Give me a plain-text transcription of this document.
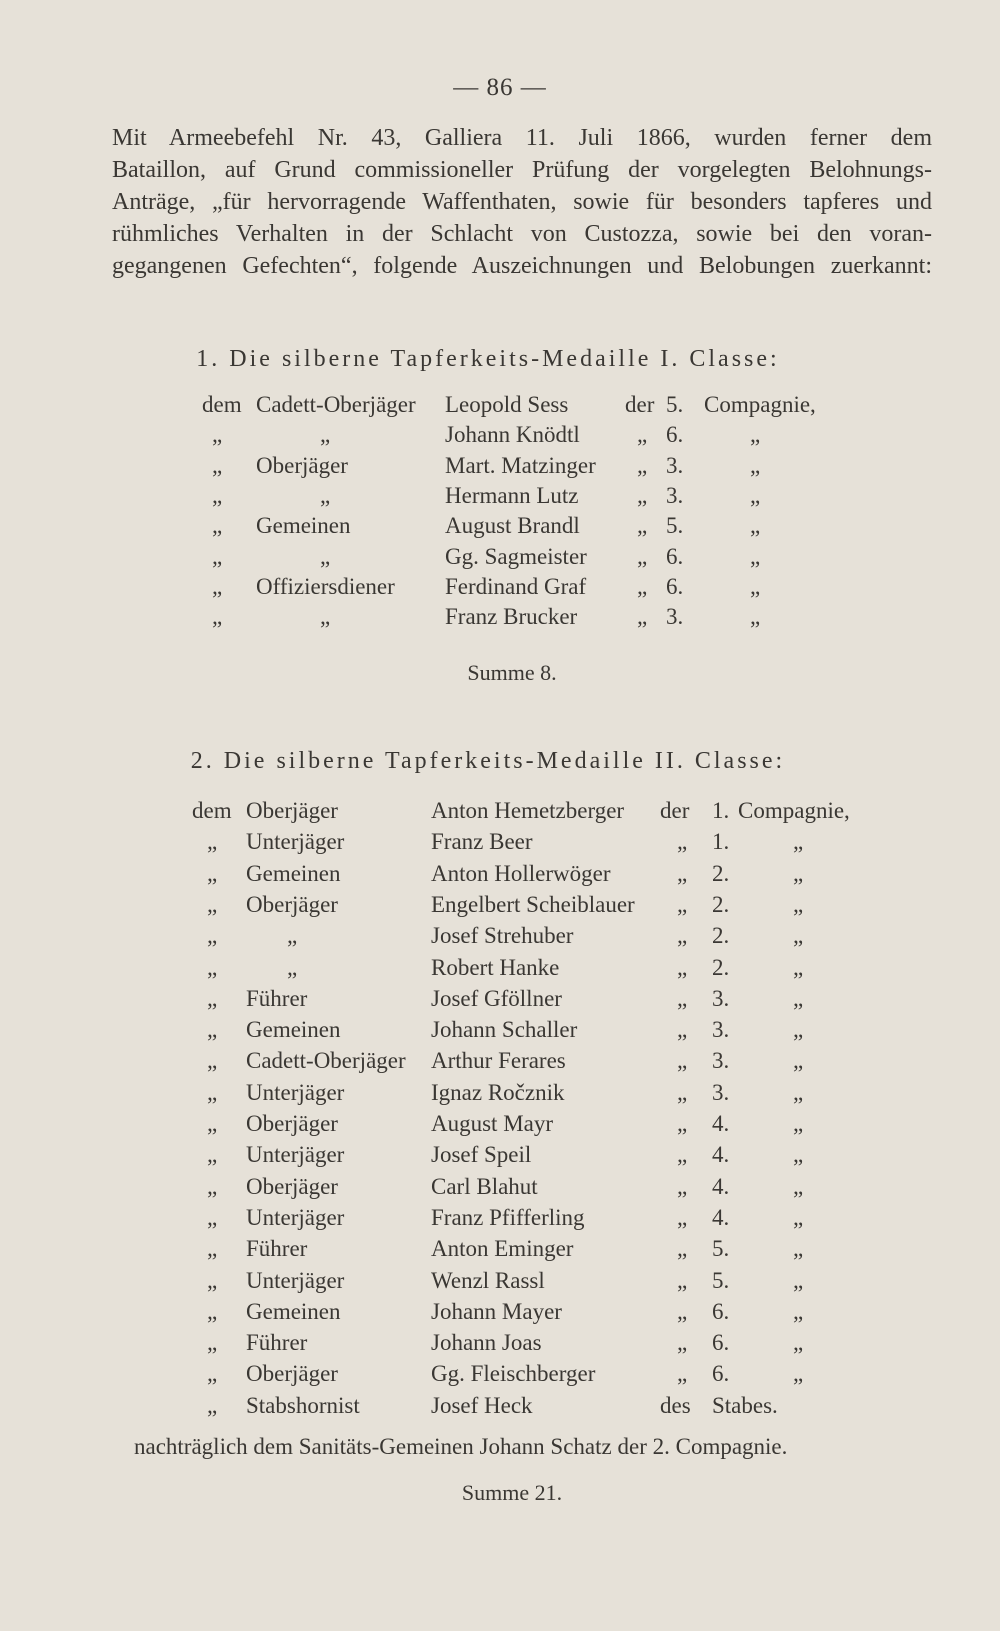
— 86 —
Mit Armeebefehl Nr. 43, Galliera 11. Juli 1866, wurden ferner dem
Bataillon, auf Grund commissioneller Prüfung der vorgelegten Belohnungs-
Anträge, „für hervorragende Waffenthaten, sowie für besonders tapferes und
rühmliches Verhalten in der Schlacht von Custozza, sowie bei den voran-
gegangenen Gefechten“, folgende Auszeichnungen und Belobungen zuerkannt:
1. Die silberne Tapferkeits-Medaille I. Classe:
dem Cadett-Oberjäger Leopold Sess der 5. Compagnie,
„	„	Johann Knödtl „ 6.	„
„ Oberjäger	Mart. Matzinger „ 3.	„
„	„	Hermann Lutz	„ 3.	„
„ Gemeinen	August Brandl „ 5.	„
„	„	Gg. Sagmeister „ 6.	„
„ Offiziersdiener Ferdinand Graf „ 6.	„
„	„	Franz Brucker	„ 3.	„
Summe 8.
2. Die silberne Tapferkeits-Medaille II. Classe:
dem Oberjäger	Anton Hemetzberger der 1. Compagnie,
„ Unterjäger	Franz Beer	„ 1.	„
„ Gemeinen	Anton Hollerwöger	„ 2.	„
„ Oberjäger	Engelbert Scheiblauer „ 2.	„
„	„	Josef Strehuber	„ 2.	„
„	„	Robert Hanke	„ 2.	„
„ Führer	Josef Gföllner	„ 3.	„
„ Gemeinen	Johann Schaller	„ 3.	„
„ Cadett-Oberjäger Arthur Ferares	„ 3.	„
„ Unterjäger	Ignaz Ročznik	„ 3.	„
„ Oberjäger	August Mayr	„ 4.	„
„ Unterjäger	Josef Speil	„ 4.	„
„ Oberjäger	Carl Blahut	„ 4.	„
„ Unterjäger	Franz Pfifferling	„ 4.	„
„ Führer	Anton Eminger	„ 5.	„
„ Unterjäger	Wenzl Rassl	„ 5.	„
„ Gemeinen	Johann Mayer	„ 6.	„
„ Führer	Johann Joas	„ 6.	„
„ Oberjäger	Gg. Fleischberger	„ 6.	„
„ Stabshornist	Josef Heck	des Stabes.
nachträglich dem Sanitäts-Gemeinen Johann Schatz der 2. Compagnie.
Summe 21.
